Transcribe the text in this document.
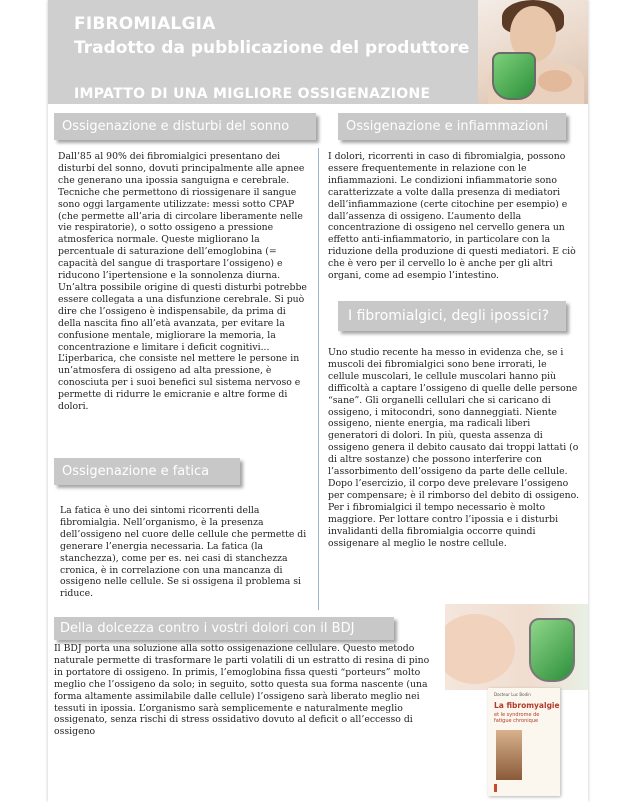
FIBROMIALGIA
Tradotto da pubblicazione del produttore
IMPATTO DI UNA MIGLIORE OSSIGENAZIONE
Ossigenazione e disturbi del sonno
Dall’85 al 90% dei fibromialgici presentano dei disturbi del sonno, dovuti principalmente alle apnee che generano una ipossia sanguigna e cerebrale. Tecniche che permettono di riossigenare il sangue sono oggi largamente utilizzate: messi sotto CPAP (che permette all’aria di circolare liberamente nelle vie respiratorie), o sotto ossigeno a pressione atmosferica normale. Queste migliorano la percentuale di saturazione dell’emoglobina (= capacità del sangue di trasportare l’ossigeno) e riducono l’ipertensione e la sonnolenza diurna. Un’altra possibile origine di questi disturbi potrebbe essere collegata a una disfunzione cerebrale. Si può dire che l’ossigeno è indispensabile, da prima di della nascita fino all’età avanzata, per evitare la confusione mentale, migliorare la memoria, la concentrazione e limitare i deficit cognitivi... L’iperbarica, che consiste nel mettere le persone in un’atmosfera di ossigeno ad alta pressione, è conosciuta per i suoi benefici sul sistema nervoso e permette di ridurre le emicranie e altre forme di dolori.
Ossigenazione e infiammazioni
I dolori, ricorrenti in caso di fibromialgia, possono essere frequentemente in relazione con le infiammazioni. Le condizioni infiammatorie sono caratterizzate a volte dalla presenza di mediatori dell’infiammazione (certe citochine per esempio) e dall’assenza di ossigeno. L’aumento della concentrazione di ossigeno nel cervello genera un effetto anti-infiammatorio, in particolare con la riduzione della produzione di questi mediatori. E ciò che è vero per il cervello lo è anche per gli altri organi, come ad esempio l’intestino.
I fibromialgici, degli ipossici?
Uno studio recente ha messo in evidenza che, se i muscoli dei fibromialgici sono bene irrorati, le cellule muscolari, le cellule muscolari hanno più difficoltà a captare l’ossigeno di quelle delle persone “sane”. Gli organelli cellulari che si caricano di ossigeno, i mitocondri, sono danneggiati. Niente ossigeno, niente energia, ma radicali liberi generatori di dolori. In più, questa assenza di ossigeno genera il debito causato dai troppi lattati (o di altre sostanze) che possono interferire con l’assorbimento dell’ossigeno da parte delle cellule. Dopo l’esercizio, il corpo deve prelevare l’ossigeno per compensare; è il rimborso del debito di ossigeno. Per i fibromialgici il tempo necessario è molto maggiore. Per lottare contro l’ipossia e i disturbi invalidanti della fibromialgia occorre quindi ossigenare al meglio le nostre cellule.
Ossigenazione e fatica
La fatica è uno dei sintomi ricorrenti della fibromialgia. Nell’organismo, è la presenza dell’ossigeno nel cuore delle cellule che permette di generare l’energia necessaria. La fatica (la stanchezza), come per es. nei casi di stanchezza cronica, è in correlazione con una mancanza di ossigeno nelle cellule. Se si ossigena il problema si riduce.
Della dolcezza contro i vostri dolori con il BDJ
Il BDJ porta una soluzione alla sotto ossigenazione cellulare. Questo metodo naturale permette di trasformare le parti volatili di un estratto di resina di pino in portatore di ossigeno. In primis, l’emoglobina fissa questi “porteurs” molto meglio che l’ossigeno da solo; in seguito, sotto questa sua forma nascente (una forma altamente assimilabile dalle cellule) l’ossigeno sarà liberato meglio nei tessuti in ipossia. L’organismo sarà semplicemente e naturalmente meglio ossigenato, senza rischi di stress ossidativo dovuto al deficit o all’eccesso di ossigeno
Docteur Luc Bodin
La fibromyalgie
et le syndrome de fatigue chronique
